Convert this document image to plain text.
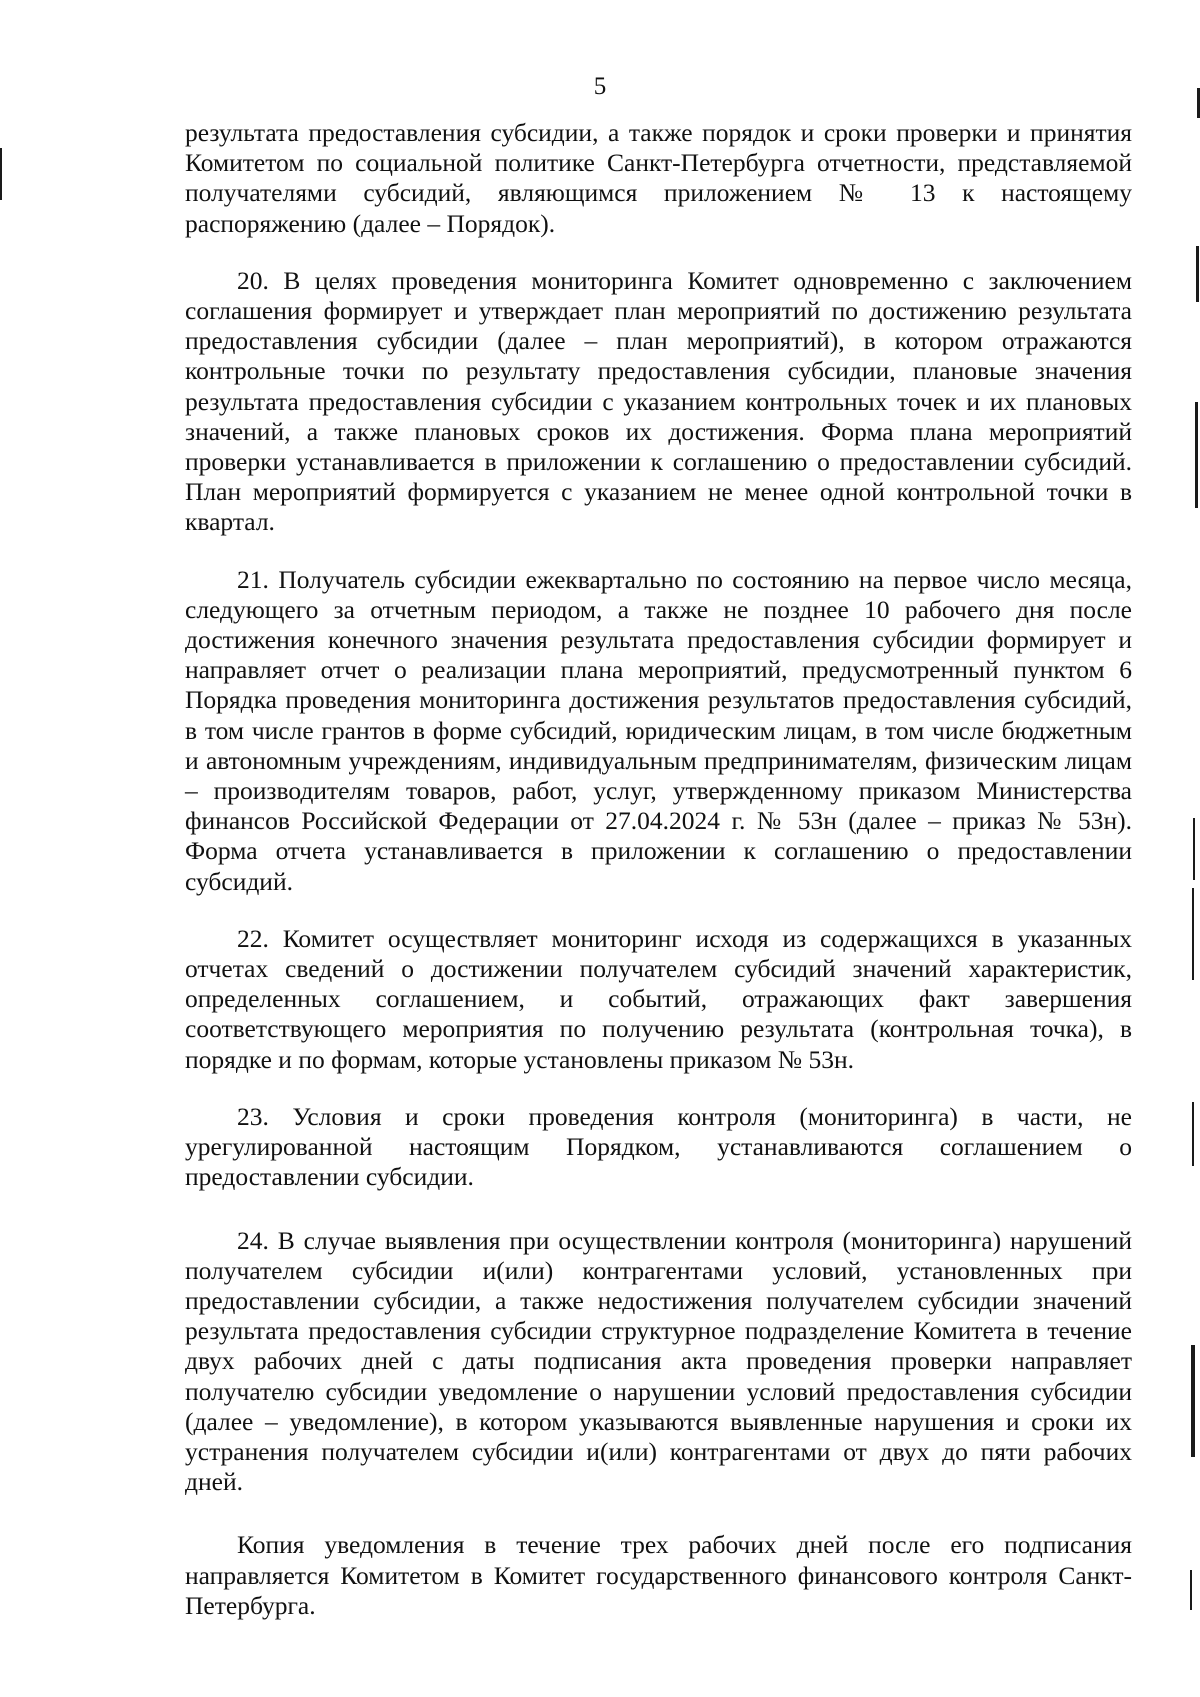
5

результата предоставления субсидии, а также порядок и сроки проверки и принятия Комитетом по социальной политике Санкт-Петербурга отчетности, представляемой получателями субсидий, являющимся приложением № 13 к настоящему распоряжению (далее – Порядок).

20. В целях проведения мониторинга Комитет одновременно с заключением соглашения формирует и утверждает план мероприятий по достижению результата предоставления субсидии (далее – план мероприятий), в котором отражаются контрольные точки по результату предоставления субсидии, плановые значения результата предоставления субсидии с указанием контрольных точек и их плановых значений, а также плановых сроков их достижения. Форма плана мероприятий проверки устанавливается в приложении к соглашению о предоставлении субсидий. План мероприятий формируется с указанием не менее одной контрольной точки в квартал.

21. Получатель субсидии ежеквартально по состоянию на первое число месяца, следующего за отчетным периодом, а также не позднее 10 рабочего дня после достижения конечного значения результата предоставления субсидии формирует и направляет отчет о реализации плана мероприятий, предусмотренный пунктом 6 Порядка проведения мониторинга достижения результатов предоставления субсидий, в том числе грантов в форме субсидий, юридическим лицам, в том числе бюджетным и автономным учреждениям, индивидуальным предпринимателям, физическим лицам – производителям товаров, работ, услуг, утвержденному приказом Министерства финансов Российской Федерации от 27.04.2024 г. № 53н (далее – приказ № 53н). Форма отчета устанавливается в приложении к соглашению о предоставлении субсидий.

22. Комитет осуществляет мониторинг исходя из содержащихся в указанных отчетах сведений о достижении получателем субсидий значений характеристик, определенных соглашением, и событий, отражающих факт завершения соответствующего мероприятия по получению результата (контрольная точка), в порядке и по формам, которые установлены приказом № 53н.

23. Условия и сроки проведения контроля (мониторинга) в части, не урегулированной настоящим Порядком, устанавливаются соглашением о предоставлении субсидии.

24. В случае выявления при осуществлении контроля (мониторинга) нарушений получателем субсидии и(или) контрагентами условий, установленных при предоставлении субсидии, а также недостижения получателем субсидии значений результата предоставления субсидии структурное подразделение Комитета в течение двух рабочих дней с даты подписания акта проведения проверки направляет получателю субсидии уведомление о нарушении условий предоставления субсидии (далее – уведомление), в котором указываются выявленные нарушения и сроки их устранения получателем субсидии и(или) контрагентами от двух до пяти рабочих дней.

Копия уведомления в течение трех рабочих дней после его подписания направляется Комитетом в Комитет государственного финансового контроля Санкт-Петербурга.
